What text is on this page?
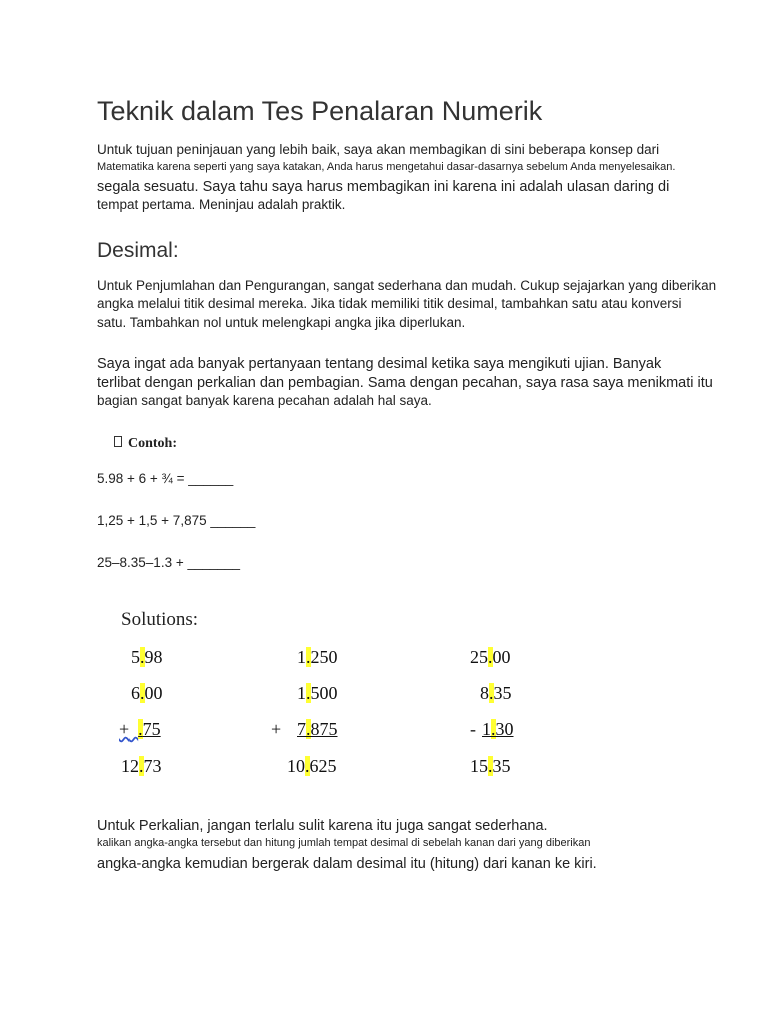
Teknik dalam Tes Penalaran Numerik
Untuk tujuan peninjauan yang lebih baik, saya akan membagikan di sini beberapa konsep dari
Matematika karena seperti yang saya katakan, Anda harus mengetahui dasar-dasarnya sebelum Anda menyelesaikan.
segala sesuatu. Saya tahu saya harus membagikan ini karena ini adalah ulasan daring di
tempat pertama. Meninjau adalah praktik.
Desimal:
Untuk Penjumlahan dan Pengurangan, sangat sederhana dan mudah. Cukup sejajarkan yang diberikan
angka melalui titik desimal mereka. Jika tidak memiliki titik desimal, tambahkan satu atau konversi
satu. Tambahkan nol untuk melengkapi angka jika diperlukan.
Saya ingat ada banyak pertanyaan tentang desimal ketika saya mengikuti ujian. Banyak
terlibat dengan perkalian dan pembagian. Sama dengan pecahan, saya rasa saya menikmati itu
bagian sangat banyak karena pecahan adalah hal saya.
Contoh:
5.98 + 6 + ¾ = ______
1,25 + 1,5 + 7,875 ______
25–8.35–1.3 + _______
Solutions:
5.98
6.00
+ .75
12.73
1.250
1.500
+ 7.875
10.625
25.00
8.35
- 1.30
15.35
Untuk Perkalian, jangan terlalu sulit karena itu juga sangat sederhana.
kalikan angka-angka tersebut dan hitung jumlah tempat desimal di sebelah kanan dari yang diberikan
angka-angka kemudian bergerak dalam desimal itu (hitung) dari kanan ke kiri.
